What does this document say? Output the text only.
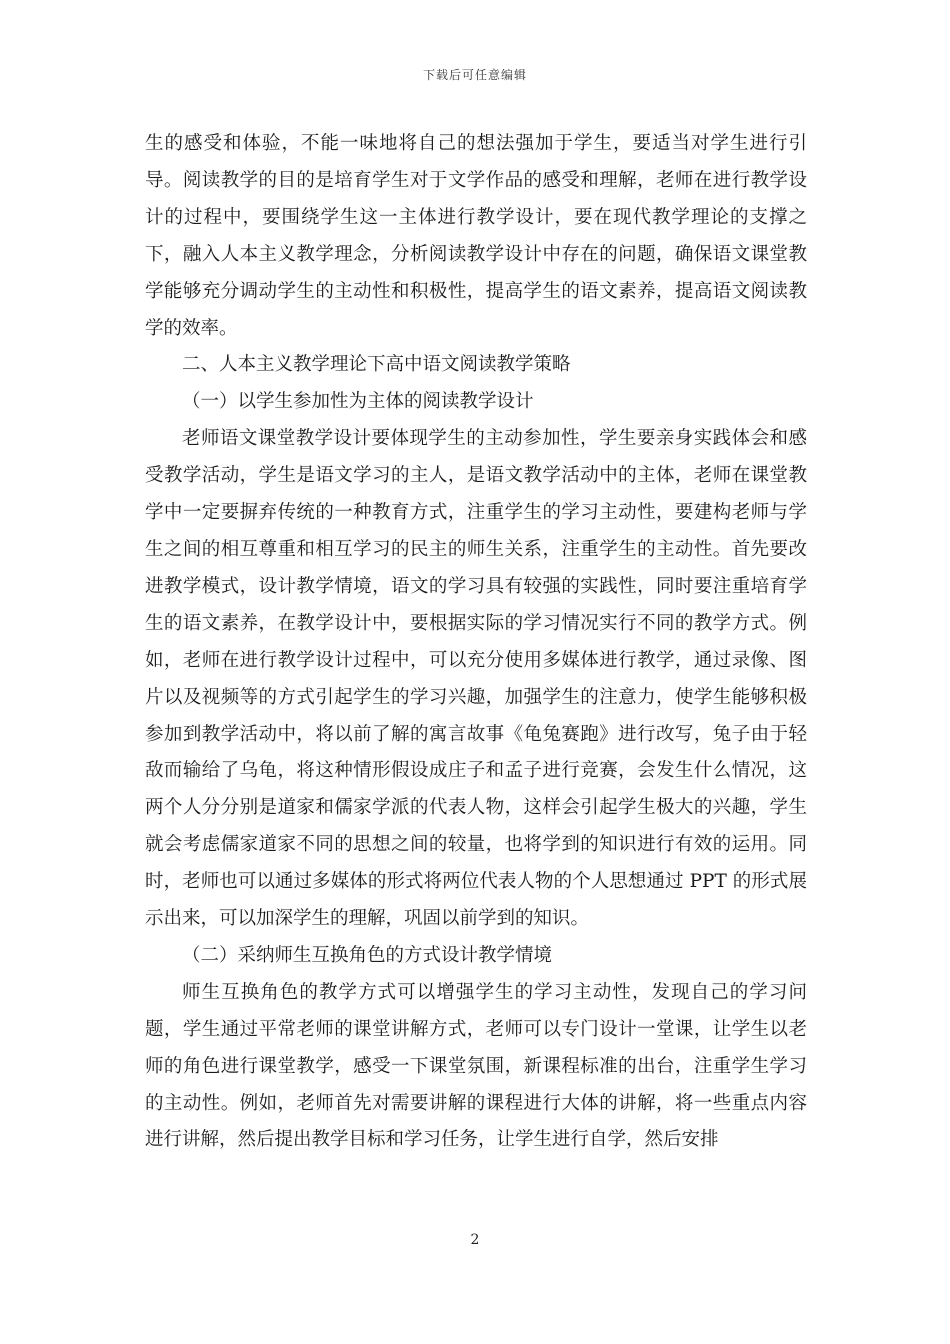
下载后可任意编辑

生的感受和体验，不能一味地将自己的想法强加于学生，要适当对学生进行引导。阅读教学的目的是培育学生对于文学作品的感受和理解，老师在进行教学设计的过程中，要围绕学生这一主体进行教学设计，要在现代教学理论的支撑之下，融入人本主义教学理念，分析阅读教学设计中存在的问题，确保语文课堂教学能够充分调动学生的主动性和积极性，提高学生的语文素养，提高语文阅读教学的效率。

二、人本主义教学理论下高中语文阅读教学策略

（一）以学生参加性为主体的阅读教学设计

老师语文课堂教学设计要体现学生的主动参加性，学生要亲身实践体会和感受教学活动，学生是语文学习的主人，是语文教学活动中的主体，老师在课堂教学中一定要摒弃传统的一种教育方式，注重学生的学习主动性，要建构老师与学生之间的相互尊重和相互学习的民主的师生关系，注重学生的主动性。首先要改进教学模式，设计教学情境，语文的学习具有较强的实践性，同时要注重培育学生的语文素养，在教学设计中，要根据实际的学习情况实行不同的教学方式。例如，老师在进行教学设计过程中，可以充分使用多媒体进行教学，通过录像、图片以及视频等的方式引起学生的学习兴趣，加强学生的注意力，使学生能够积极参加到教学活动中，将以前了解的寓言故事《龟兔赛跑》进行改写，兔子由于轻敌而输给了乌龟，将这种情形假设成庄子和孟子进行竞赛，会发生什么情况，这两个人分分别是道家和儒家学派的代表人物，这样会引起学生极大的兴趣，学生就会考虑儒家道家不同的思想之间的较量，也将学到的知识进行有效的运用。同时，老师也可以通过多媒体的形式将两位代表人物的个人思想通过 PPT 的形式展示出来，可以加深学生的理解，巩固以前学到的知识。

（二）采纳师生互换角色的方式设计教学情境

师生互换角色的教学方式可以增强学生的学习主动性，发现自己的学习问题，学生通过平常老师的课堂讲解方式，老师可以专门设计一堂课，让学生以老师的角色进行课堂教学，感受一下课堂氛围，新课程标准的出台，注重学生学习的主动性。例如，老师首先对需要讲解的课程进行大体的讲解，将一些重点内容进行讲解，然后提出教学目标和学习任务，让学生进行自学，然后安排

2
